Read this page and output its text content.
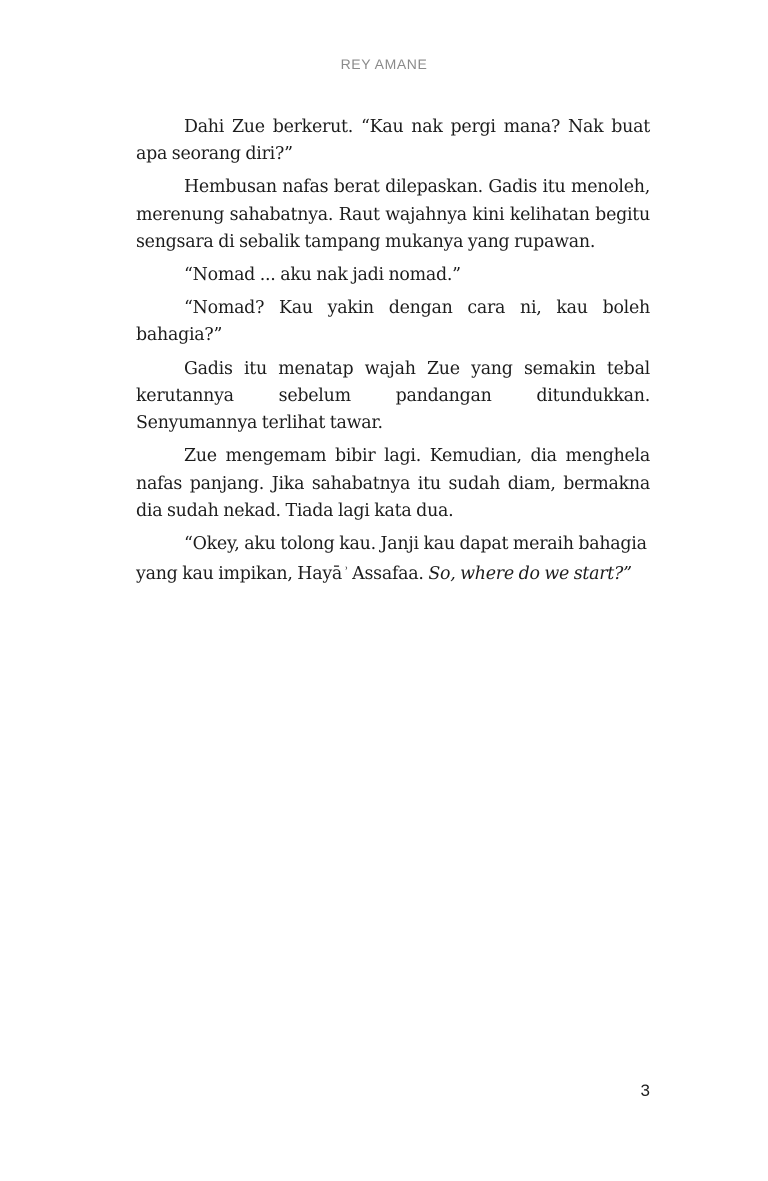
REY AMANE

Dahi Zue berkerut. “Kau nak pergi mana? Nak buat apa seorang diri?”

Hembusan nafas berat dilepaskan. Gadis itu menoleh, merenung sahabatnya. Raut wajahnya kini kelihatan begitu sengsara di sebalik tampang mukanya yang rupawan.

“Nomad ... aku nak jadi nomad.”

“Nomad? Kau yakin dengan cara ni, kau boleh bahagia?”

Gadis itu menatap wajah Zue yang semakin tebal kerutannya sebelum pandangan ditundukkan. Senyumannya terlihat tawar.

Zue mengemam bibir lagi. Kemudian, dia menghela nafas panjang. Jika sahabatnya itu sudah diam, bermakna dia sudah nekad. Tiada lagi kata dua.

“Okey, aku tolong kau. Janji kau dapat meraih bahagia yang kau impikan, Hayā $^ʾ$ Assafaa. So, where do we start?”

3
